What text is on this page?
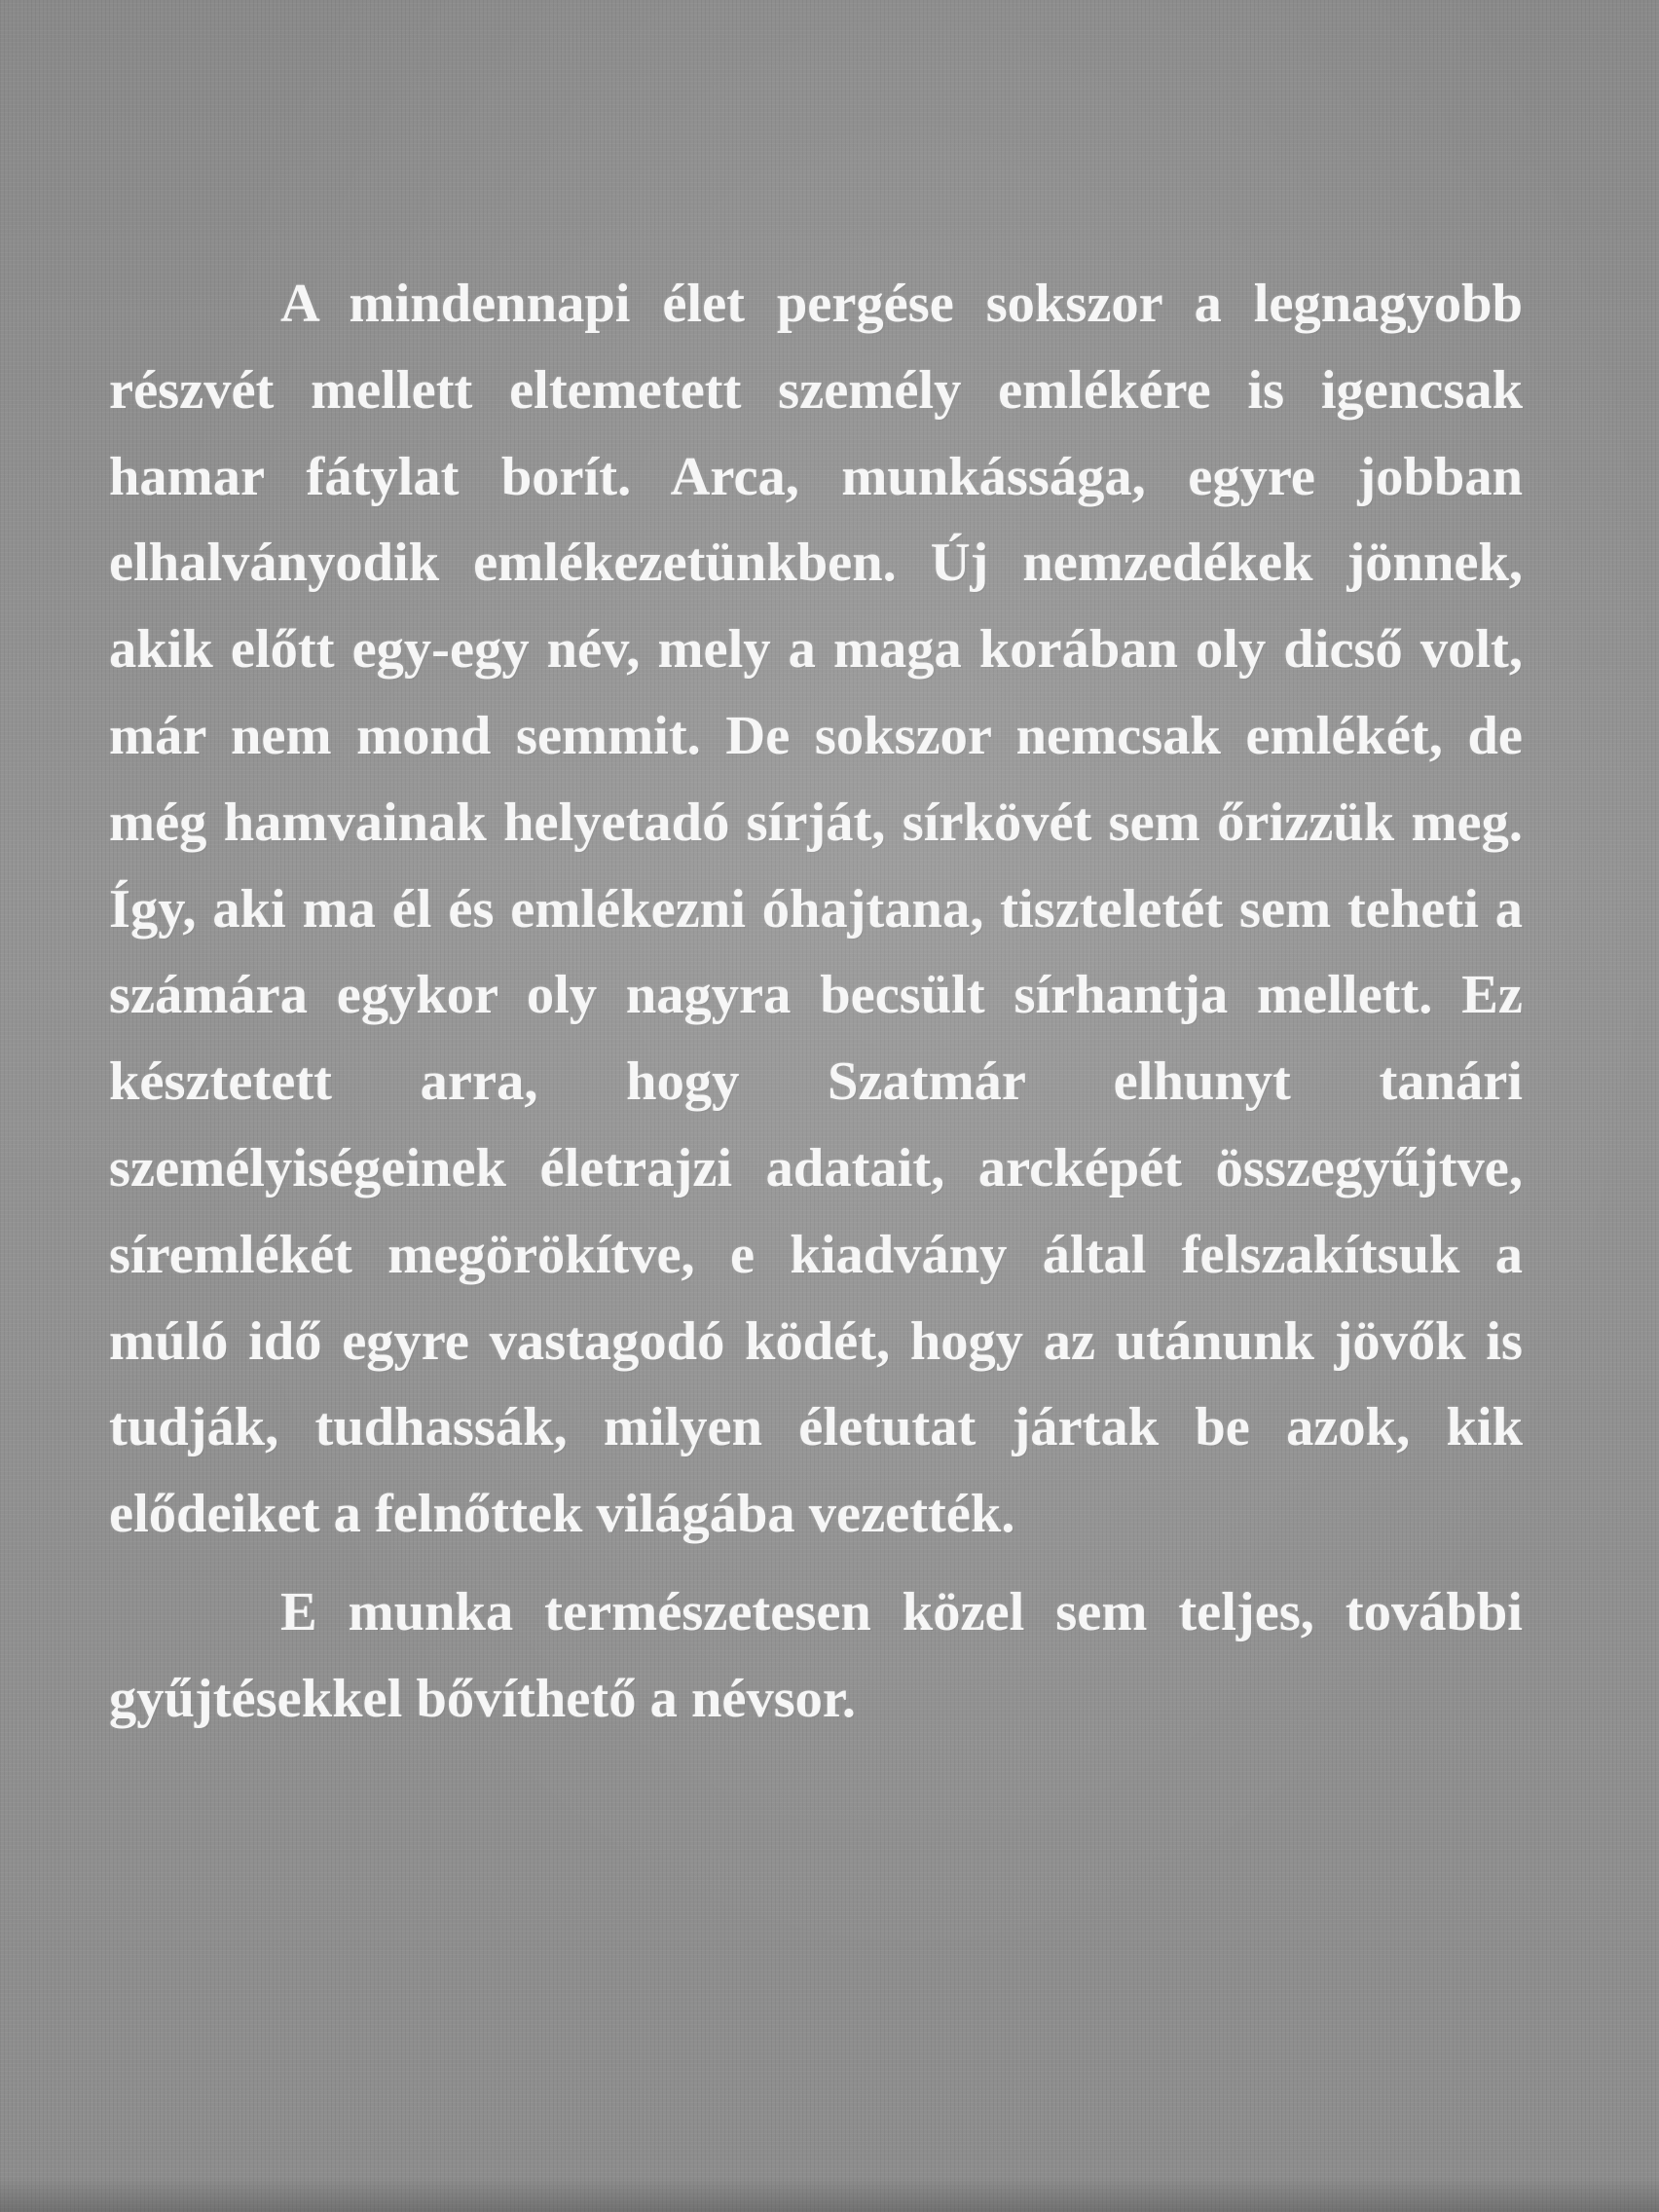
A mindennapi élet pergése sokszor a legnagyobb részvét mellett eltemetett személy emlékére is igencsak hamar fátylat borít. Arca, munkássága, egyre jobban elhalványodik emlékezetünkben. Új nemzedékek jönnek, akik előtt egy-egy név, mely a maga korában oly dicső volt, már nem mond semmit. De sokszor nemcsak emlékét, de még hamvainak helyetadó sírját, sírkövét sem őrizzük meg. Így, aki ma él és emlékezni óhajtana, tiszteletét sem teheti a számára egykor oly nagyra becsült sírhantja mellett. Ez késztetett arra, hogy Szatmár elhunyt tanári személyiségeinek életrajzi adatait, arcképét összegyűjtve, síremlékét megörökítve, e kiadvány által felszakítsuk a múló idő egyre vastagodó ködét, hogy az utánunk jövők is tudják, tudhassák, milyen életutat jártak be azok, kik elődeiket a felnőttek világába vezették.

E munka természetesen közel sem teljes, további gyűjtésekkel bővíthető a névsor.
